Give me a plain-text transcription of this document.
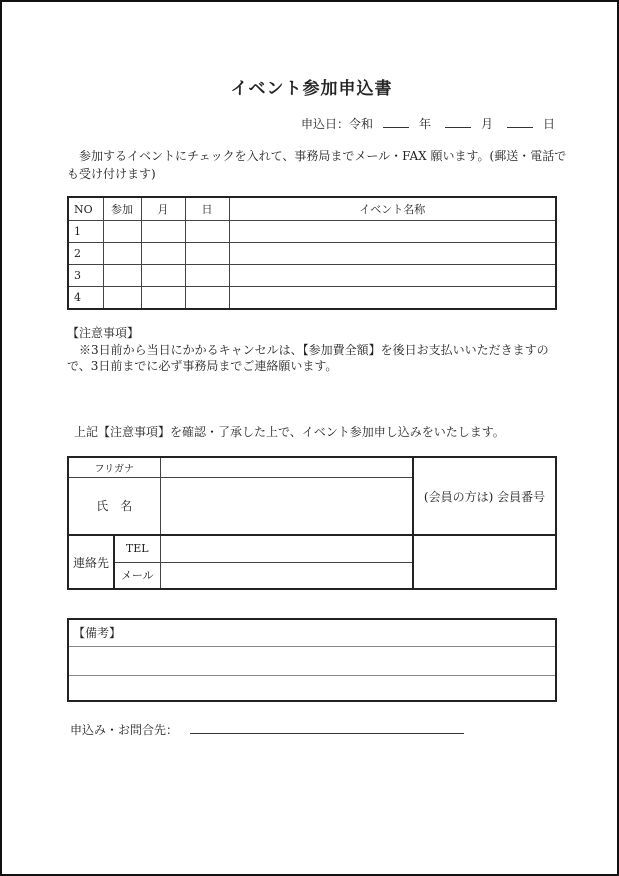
イベント参加申込書
申込日：令和	年	月	日
参加するイベントにチェックを入れて、事務局までメール・FAX 願います。(郵送・電話でも受け付けます)
NO	参加	月	日	イベント名称
1				
2				
3				
4				
【注意事項】
※3日前から当日にかかるキャンセルは、【参加費全額】を後日お支払いいただきますので、3日前までに必ず事務局までご連絡願います。
上記【注意事項】を確認・了承した上で、イベント参加申し込みをいたします。
フリガナ			(会員の方は) 会員番号
氏　名			
連絡先	TEL		
	メール		
【備考】
申込み・お問合先：
